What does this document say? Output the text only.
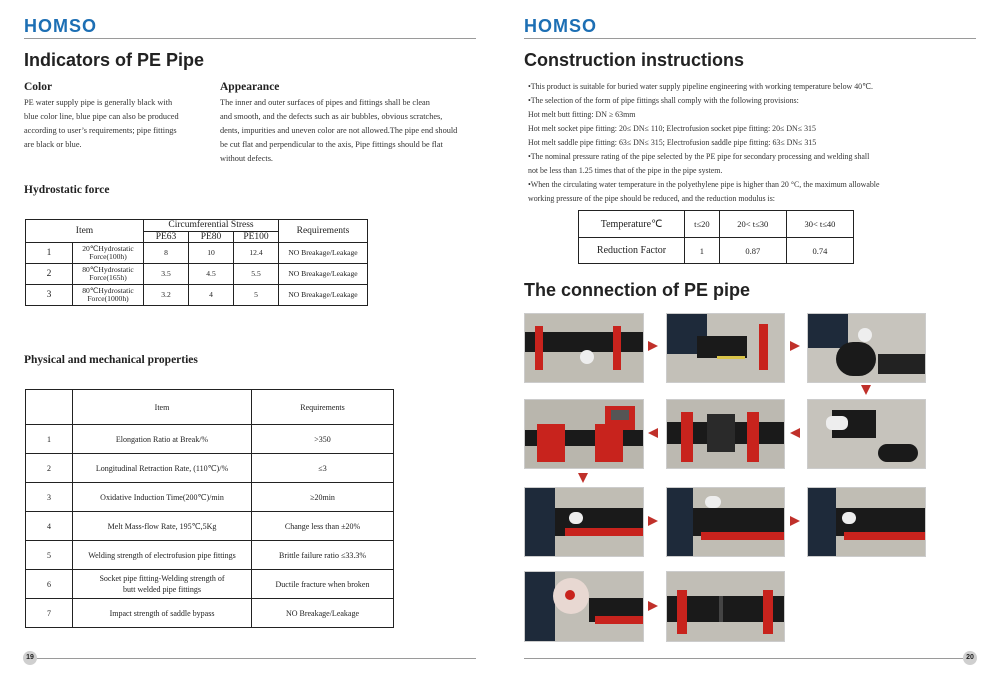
HOMSO
Indicators of PE Pipe
Color
PE water supply pipe is generally black with
blue color line, blue pipe can also be produced
according to user’s requirements; pipe fittings
are black or blue.
Appearance
The inner and outer surfaces of pipes and fittings shall be clean
and smooth, and the defects such as air bubbles, obvious scratches,
dents, impurities and uneven color are not allowed.The pipe end should
be cut flat and perpendicular to the axis, Pipe fittings should be flat
without defects.
Hydrostatic force
Item		Circumferential Stress			Requirements
		PE63	PE80	PE100	
1	20℃Hydrostatic
Force(100h)	8	10	12.4	NO Breakage/Leakage
2	80℃Hydrostatic
Force(165h)	3.5	4.5	5.5	NO Breakage/Leakage
3	80℃Hydrostatic
Force(1000h)	3.2	4	5	NO Breakage/Leakage
Physical and mechanical properties
	Item	Requirements
1	Elongation Ratio at Break/%	>350
2	Longitudinal Retraction Rate, (110℃)/%	≤3
3	Oxidative Induction Time(200℃)/min	≥20min
4	Melt Mass-flow Rate, 195℃,5Kg	Change less than ±20%
5	Welding strength of electrofusion pipe fittings	Brittle failure ratio ≤33.3%
6	Socket pipe fitting-Welding strength of
butt welded pipe fittings	Ductile fracture when broken
7	Impact strength of saddle bypass	NO Breakage/Leakage
19
HOMSO
Construction instructions
•This product is suitable for buried water supply pipeline engineering with working temperature below 40℃.
•The selection of the form of pipe fittings shall comply with the following provisions:
Hot melt butt fitting: DN ≥ 63mm
Hot melt socket pipe fitting: 20≤ DN≤ 110; Electrofusion socket pipe fitting: 20≤ DN≤ 315
Hot melt saddle pipe fitting: 63≤ DN≤ 315; Electrofusion saddle pipe fitting: 63≤ DN≤ 315
•The nominal pressure rating of the pipe selected by the PE pipe for secondary processing and welding shall
not be less than 1.25 times that of the pipe in the pipe system.
•When the circulating water temperature in the polyethylene pipe is higher than 20 °C, the maximum allowable
working pressure of the pipe should be reduced, and the reduction modulus is:
Temperature℃	t≤20	20< t≤30	30< t≤40
Reduction Factor	1	0.87	0.74
The connection of PE pipe
20
